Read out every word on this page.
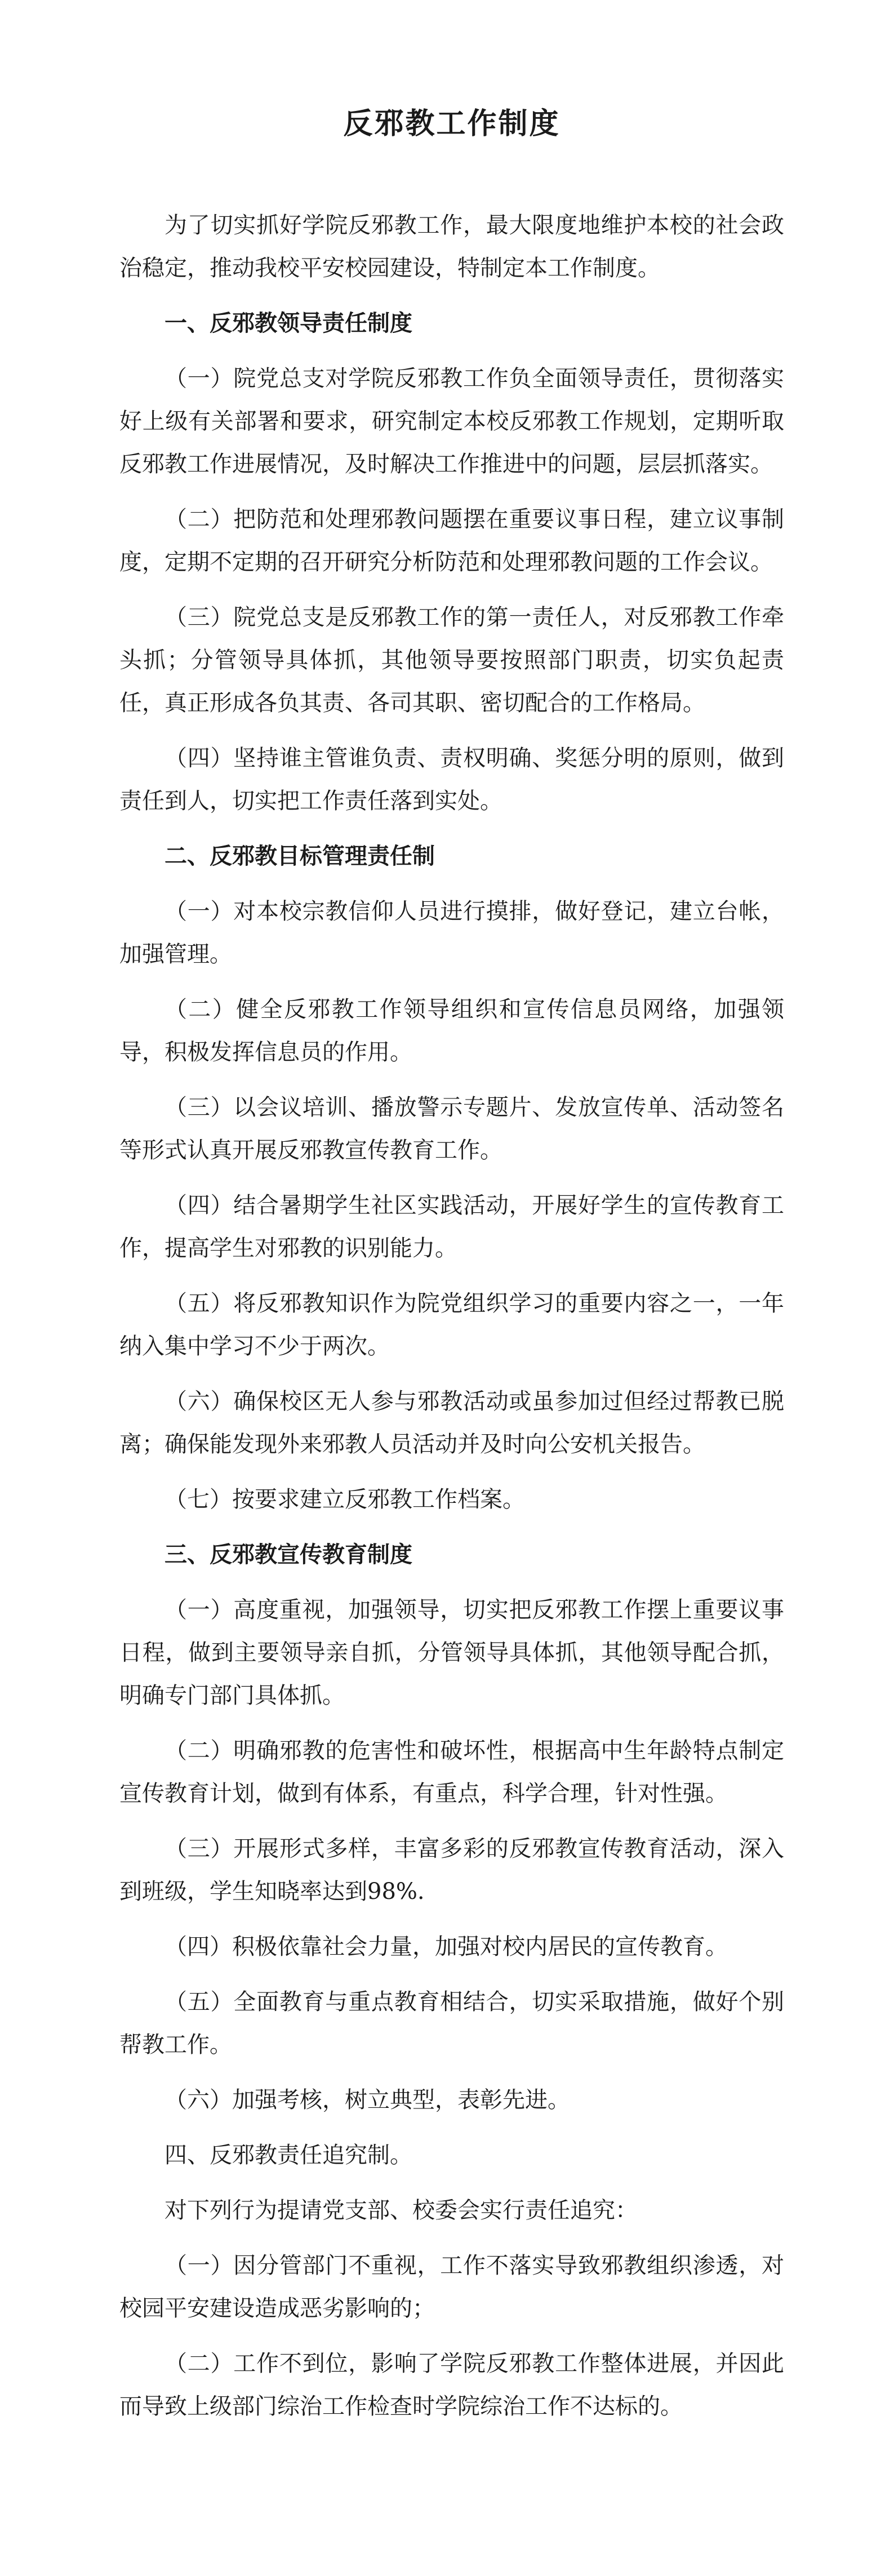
反邪教工作制度

为了切实抓好学院反邪教工作，最大限度地维护本校的社会政治稳定，推动我校平安校园建设，特制定本工作制度。

一、反邪教领导责任制度

（一）院党总支对学院反邪教工作负全面领导责任，贯彻落实好上级有关部署和要求，研究制定本校反邪教工作规划，定期听取反邪教工作进展情况，及时解决工作推进中的问题，层层抓落实。

（二）把防范和处理邪教问题摆在重要议事日程，建立议事制度，定期不定期的召开研究分析防范和处理邪教问题的工作会议。

（三）院党总支是反邪教工作的第一责任人，对反邪教工作牵头抓；分管领导具体抓，其他领导要按照部门职责，切实负起责任，真正形成各负其责、各司其职、密切配合的工作格局。

（四）坚持谁主管谁负责、责权明确、奖惩分明的原则，做到责任到人，切实把工作责任落到实处。

二、反邪教目标管理责任制

（一）对本校宗教信仰人员进行摸排，做好登记，建立台帐，加强管理。

（二）健全反邪教工作领导组织和宣传信息员网络，加强领导，积极发挥信息员的作用。

（三）以会议培训、播放警示专题片、发放宣传单、活动签名等形式认真开展反邪教宣传教育工作。

（四）结合暑期学生社区实践活动，开展好学生的宣传教育工作，提高学生对邪教的识别能力。

（五）将反邪教知识作为院党组织学习的重要内容之一，一年纳入集中学习不少于两次。

（六）确保校区无人参与邪教活动或虽参加过但经过帮教已脱离；确保能发现外来邪教人员活动并及时向公安机关报告。

（七）按要求建立反邪教工作档案。

三、反邪教宣传教育制度

（一）高度重视，加强领导，切实把反邪教工作摆上重要议事日程，做到主要领导亲自抓，分管领导具体抓，其他领导配合抓，明确专门部门具体抓。

（二）明确邪教的危害性和破坏性，根据高中生年龄特点制定宣传教育计划，做到有体系，有重点，科学合理，针对性强。

（三）开展形式多样，丰富多彩的反邪教宣传教育活动，深入到班级，学生知晓率达到98%.

（四）积极依靠社会力量，加强对校内居民的宣传教育。

（五）全面教育与重点教育相结合，切实采取措施，做好个别帮教工作。

（六）加强考核，树立典型，表彰先进。

四、反邪教责任追究制。

对下列行为提请党支部、校委会实行责任追究：

（一）因分管部门不重视，工作不落实导致邪教组织渗透，对校园平安建设造成恶劣影响的；

（二）工作不到位，影响了学院反邪教工作整体进展，并因此而导致上级部门综治工作检查时学院综治工作不达标的。
